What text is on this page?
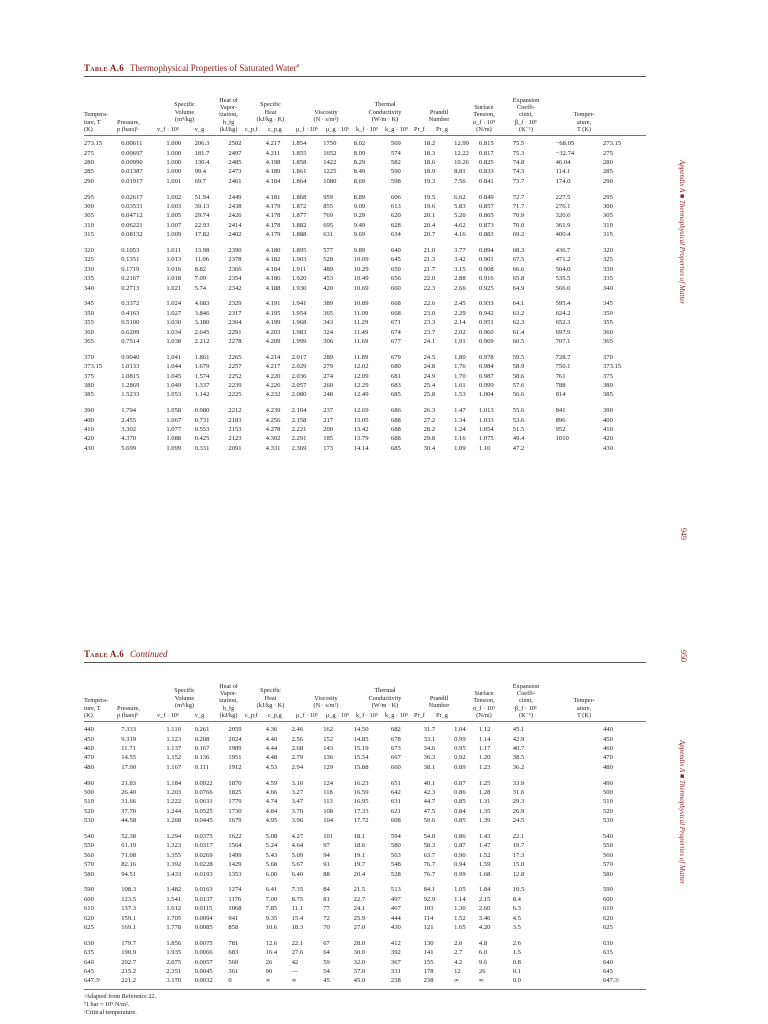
Table A.6 Thermophysical Properties of Saturated Water$^a$
Tempera-
ture, T
(K)
Pressure,
p (bars)ᵇ
Specific
Volume
(m³/kg)
v_f · 10³	v_g
Heat of
Vapor-
ization,
h_fg
(kJ/kg)
Specific
Heat
(kJ/kg · K)
c_p,f	c_p,g
Viscosity
(N · s/m²)
μ_f · 10⁶	μ_g · 10⁶
Thermal
Conductivity
(W/m · K)
k_f · 10³	k_g · 10³
Prandtl
Number
Pr_f	Pr_g
Surface
Tension,
σ_f · 10³
(N/m)
Expansion
Coeffi-
cient,
β_f · 10⁶
(K⁻¹)
Temper-
ature,
T (K)
273.15	0.00611	1.000	206.3	2502	4.217	1.854	1750	8.02	569	18.2	12.99	0.815	75.5	−68.05	273.15
275	0.00697	1.000	181.7	2497	4.211	1.855	1652	8.09	574	18.3	12.22	0.817	75.3	−32.74	275
280	0.00990	1.000	130.4	2485	4.198	1.858	1422	8.29	582	18.6	10.26	0.825	74.8	46.04	280
285	0.01387	1.000	99.4	2473	4.189	1.861	1225	8.49	590	18.9	8.81	0.833	74.3	114.1	285
290	0.01917	1.001	69.7	2461	4.184	1.864	1080	8.69	598	19.3	7.56	0.841	73.7	174.0	290
295	0.02617	1.002	51.94	2449	4.181	1.868	959	8.89	606	19.5	6.62	0.849	72.7	227.5	295
300	0.03531	1.003	39.13	2438	4.179	1.872	855	9.09	613	19.6	5.83	0.857	71.7	276.1	300
305	0.04712	1.005	29.74	2426	4.178	1.877	769	9.29	620	20.1	5.20	0.865	70.9	320.6	305
310	0.06221	1.007	22.93	2414	4.178	1.882	695	9.49	628	20.4	4.62	0.873	70.0	361.9	310
315	0.08132	1.009	17.82	2402	4.179	1.888	631	9.69	634	20.7	4.16	0.883	69.2	400.4	315
320	0.1053	1.011	13.98	2390	4.180	1.895	577	9.89	640	21.0	3.77	0.894	68.3	436.7	320
325	0.1351	1.013	11.06	2378	4.182	1.903	528	10.09	645	21.3	3.42	0.901	67.5	471.2	325
330	0.1719	1.016	8.82	2366	4.184	1.911	489	10.29	650	21.7	3.15	0.908	66.6	504.0	330
335	0.2167	1.018	7.09	2354	4.186	1.920	453	10.49	656	22.0	2.88	0.916	65.8	535.5	335
340	0.2713	1.021	5.74	2342	4.188	1.930	420	10.69	660	22.3	2.66	0.925	64.9	566.0	340
345	0.3372	1.024	4.683	2329	4.191	1.941	389	10.89	668	22.6	2.45	0.933	64.1	595.4	345
350	0.4163	1.027	3.846	2317	4.195	1.954	365	11.09	668	23.0	2.29	0.942	63.2	624.2	350
355	0.5100	1.030	3.180	2304	4.199	1.968	343	11.29	671	23.3	2.14	0.951	62.3	652.3	355
360	0.6209	1.034	2.645	2291	4.203	1.983	324	11.49	674	23.7	2.02	0.960	61.4	697.9	360
365	0.7514	1.038	2.212	2278	4.209	1.999	306	11.69	677	24.1	1.91	0.969	60.5	707.1	365
370	0.9040	1.041	1.861	2265	4.214	2.017	289	11.89	679	24.5	1.80	0.978	59.5	728.7	370
373.15	1.0133	1.044	1.679	2257	4.217	2.029	279	12.02	680	24.8	1.76	0.984	58.9	750.1	373.15
375	1.0815	1.045	1.574	2252	4.220	2.036	274	12.09	681	24.9	1.70	0.987	58.6	761	375
380	1.2869	1.049	1.337	2239	4.226	2.057	260	12.29	683	25.4	1.61	0.999	57.6	788	380
385	1.5233	1.053	1.142	2225	4.232	2.080	248	12.49	685	25.8	1.53	1.004	56.6	814	385
390	1.794	1.058	0.980	2212	4.239	2.104	237	12.69	686	26.3	1.47	1.013	55.6	841	390
400	2.455	1.067	0.731	2183	4.256	2.158	217	13.05	688	27.2	1.34	1.033	53.6	896	400
410	3.302	1.077	0.553	2153	4.278	2.221	200	13.42	688	28.2	1.24	1.054	51.5	952	410
420	4.370	1.088	0.425	2123	4.302	2.291	185	13.79	688	29.8	1.16	1.075	49.4	1010	420
430	5.699	1.099	0.331	2091	4.331	2.369	173	14.14	685	30.4	1.09	1.10	47.2		430
Table A.6 Continued
Tempera-
ture, T
(K)
Pressure,
p (bars)ᵇ
Specific
Volume
(m³/kg)
v_f · 10³	v_g
Heat of
Vapor-
ization,
h_fg
(kJ/kg)
Specific
Heat
(kJ/kg · K)
c_p,f	c_p,g
Viscosity
(N · s/m²)
μ_f · 10⁶	μ_g · 10⁶
Thermal
Conductivity
(W/m · K)
k_f · 10³	k_g · 10³
Prandtl
Number
Pr_f	Pr_g
Surface
Tension,
σ_f · 10³
(N/m)
Expansion
Coeffi-
cient,
β_f · 10⁶
(K⁻¹)
Temper-
ature,
T (K)
440	7.333	1.110	0.261	2059	4.36	2.46	162	14.50	682	31.7	1.04	1.12	45.1		440
450	9.319	1.123	0.208	2024	4.40	2.56	152	14.85	678	33.1	0.99	1.14	42.9		450
460	11.71	1.137	0.167	1989	4.44	2.68	143	15.19	673	34.6	0.95	1.17	40.7		460
470	14.55	1.152	0.136	1951	4.48	2.79	136	15.54	667	36.3	0.92	1.20	38.5		470
480	17.90	1.167	0.111	1912	4.53	2.94	129	15.88	660	38.1	0.89	1.23	36.2		480
490	21.83	1.184	0.0922	1870	4.59	3.10	124	16.23	651	40.1	0.87	1.25	33.9		490
500	26.40	1.203	0.0766	1825	4.66	3.27	118	16.59	642	42.3	0.86	1.28	31.6		500
510	31.66	1.222	0.0631	1779	4.74	3.47	113	16.95	631	44.7	0.85	1.31	29.3		510
520	37.70	1.244	0.0525	1730	4.84	3.70	108	17.33	621	47.5	0.84	1.35	26.9		520
530	44.58	1.268	0.0445	1679	4.95	3.96	104	17.72	608	50.6	0.85	1.39	24.5		530
540	52.38	1.294	0.0375	1622	5.08	4.27	101	18.1	594	54.0	0.86	1.43	22.1		540
550	61.19	1.323	0.0317	1564	5.24	4.64	97	18.6	580	58.3	0.87	1.47	19.7		550
560	71.08	1.355	0.0269	1499	5.43	5.09	94	19.1	563	63.7	0.90	1.52	17.3		560
570	82.16	1.392	0.0228	1429	5.68	5.67	91	19.7	548	76.7	0.94	1.59	15.0		570
580	94.51	1.433	0.0193	1353	6.00	6.40	88	20.4	528	76.7	0.99	1.68	12.8		580
590	108.3	1.482	0.0163	1274	6.41	7.35	84	21.5	513	84.1	1.05	1.84	10.5		590
600	123.5	1.541	0.0137	1176	7.00	8.75	81	22.7	497	92.9	1.14	2.15	8.4		600
610	137.3	1.612	0.0115	1068	7.85	11.1	77	24.1	467	103	1.30	2.60	6.3		610
620	159.1	1.705	0.0094	941	9.35	15.4	72	25.9	444	114	1.52	3.46	4.5		620
625	169.1	1.778	0.0085	858	10.6	18.3	70	27.0	430	121	1.65	4.20	3.5		625
630	179.7	1.856	0.0075	781	12.6	22.1	67	28.0	412	130	2.0	4.8	2.6		630
635	190.9	1.935	0.0066	683	16.4	27.6	64	30.0	392	141	2.7	6.0	1.5		635
640	202.7	2.075	0.0057	560	26	42	59	32.0	367	155	4.2	9.6	0.8		640
645	215.2	2.351	0.0045	361	90	—	54	37.0	331	178	12	26	0.1		645
647.3ᶜ	221.2	3.170	0.0032	0	∞	∞	45	45.0	238	238	∞	∞	0.0		647.3ᶜ
ᵃAdapted from Reference 22.
ᵇ1 bar = 10⁵ N/m².
ᶜCritical temperature.
Appendix A ■ Thermophysical Properties of Matter
949
950
Appendix A ■ Thermophysical Properties of Matter
